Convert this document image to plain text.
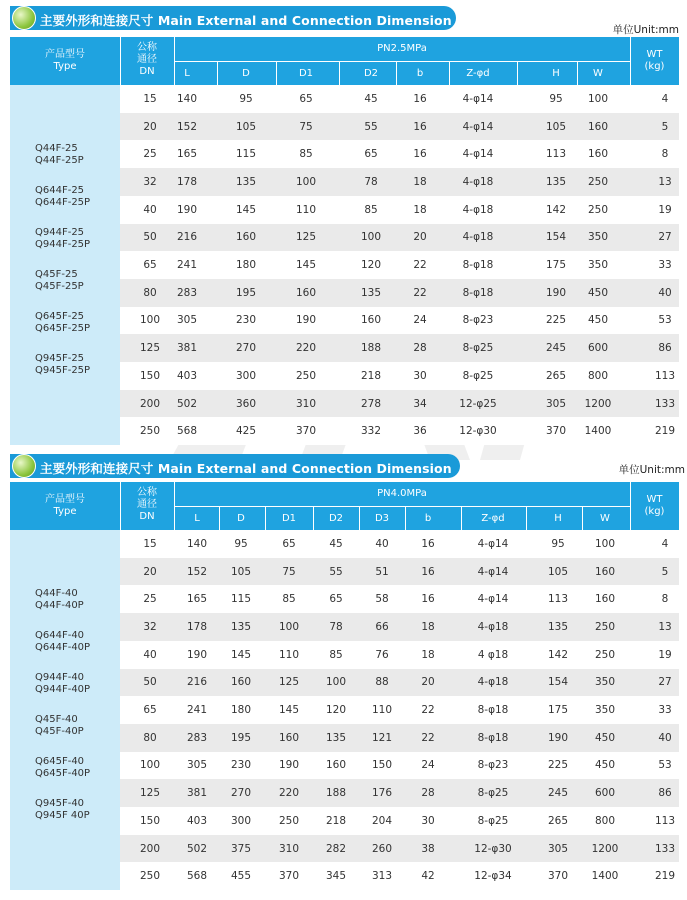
主要外形和连接尺寸 Main External and Connection Dimension
单位Unit:mm
产品型号
Type
公称
通径
DN
PN2.5MPa
L	D	D1	D2	b	Z-φd	H	W
WT
(kg)
Q44F-25
Q44F-25P
Q644F-25
Q644F-25P
Q944F-25
Q944F-25P
Q45F-25
Q45F-25P
Q645F-25
Q645F-25P
Q945F-25
Q945F-25P
15	140	95	65	45	16	4-φ14	95	100	4
20	152	105	75	55	16	4-φ14	105	160	5
25	165	115	85	65	16	4-φ14	113	160	8
32	178	135	100	78	18	4-φ18	135	250	13
40	190	145	110	85	18	4-φ18	142	250	19
50	216	160	125	100	20	4-φ18	154	350	27
65	241	180	145	120	22	8-φ18	175	350	33
80	283	195	160	135	22	8-φ18	190	450	40
100	305	230	190	160	24	8-φ23	225	450	53
125	381	270	220	188	28	8-φ25	245	600	86
150	403	300	250	218	30	8-φ25	265	800	113
200	502	360	310	278	34	12-φ25	305	1200	133
250	568	425	370	332	36	12-φ30	370	1400	219
主要外形和连接尺寸 Main External and Connection Dimension	单位Unit:mm
产品型号
Type
公称
通径
DN
PN4.0MPa
L	D	D1	D2	D3	b	Z-φd	H	W
WT
(kg)
Q44F-40
Q44F-40P
Q644F-40
Q644F-40P
Q944F-40
Q944F-40P
Q45F-40
Q45F-40P
Q645F-40
Q645F-40P
Q945F-40
Q945F 40P
15	140	95	65	45	40	16	4-φ14	95	100	4
20	152	105	75	55	51	16	4-φ14	105	160	5
25	165	115	85	65	58	16	4-φ14	113	160	8
32	178	135	100	78	66	18	4-φ18	135	250	13
40	190	145	110	85	76	18	4 φ18	142	250	19
50	216	160	125	100	88	20	4-φ18	154	350	27
65	241	180	145	120	110	22	8-φ18	175	350	33
80	283	195	160	135	121	22	8-φ18	190	450	40
100	305	230	190	160	150	24	8-φ23	225	450	53
125	381	270	220	188	176	28	8-φ25	245	600	86
150	403	300	250	218	204	30	8-φ25	265	800	113
200	502	375	310	282	260	38	12-φ30	305	1200	133
250	568	455	370	345	313	42	12-φ34	370	1400	219
